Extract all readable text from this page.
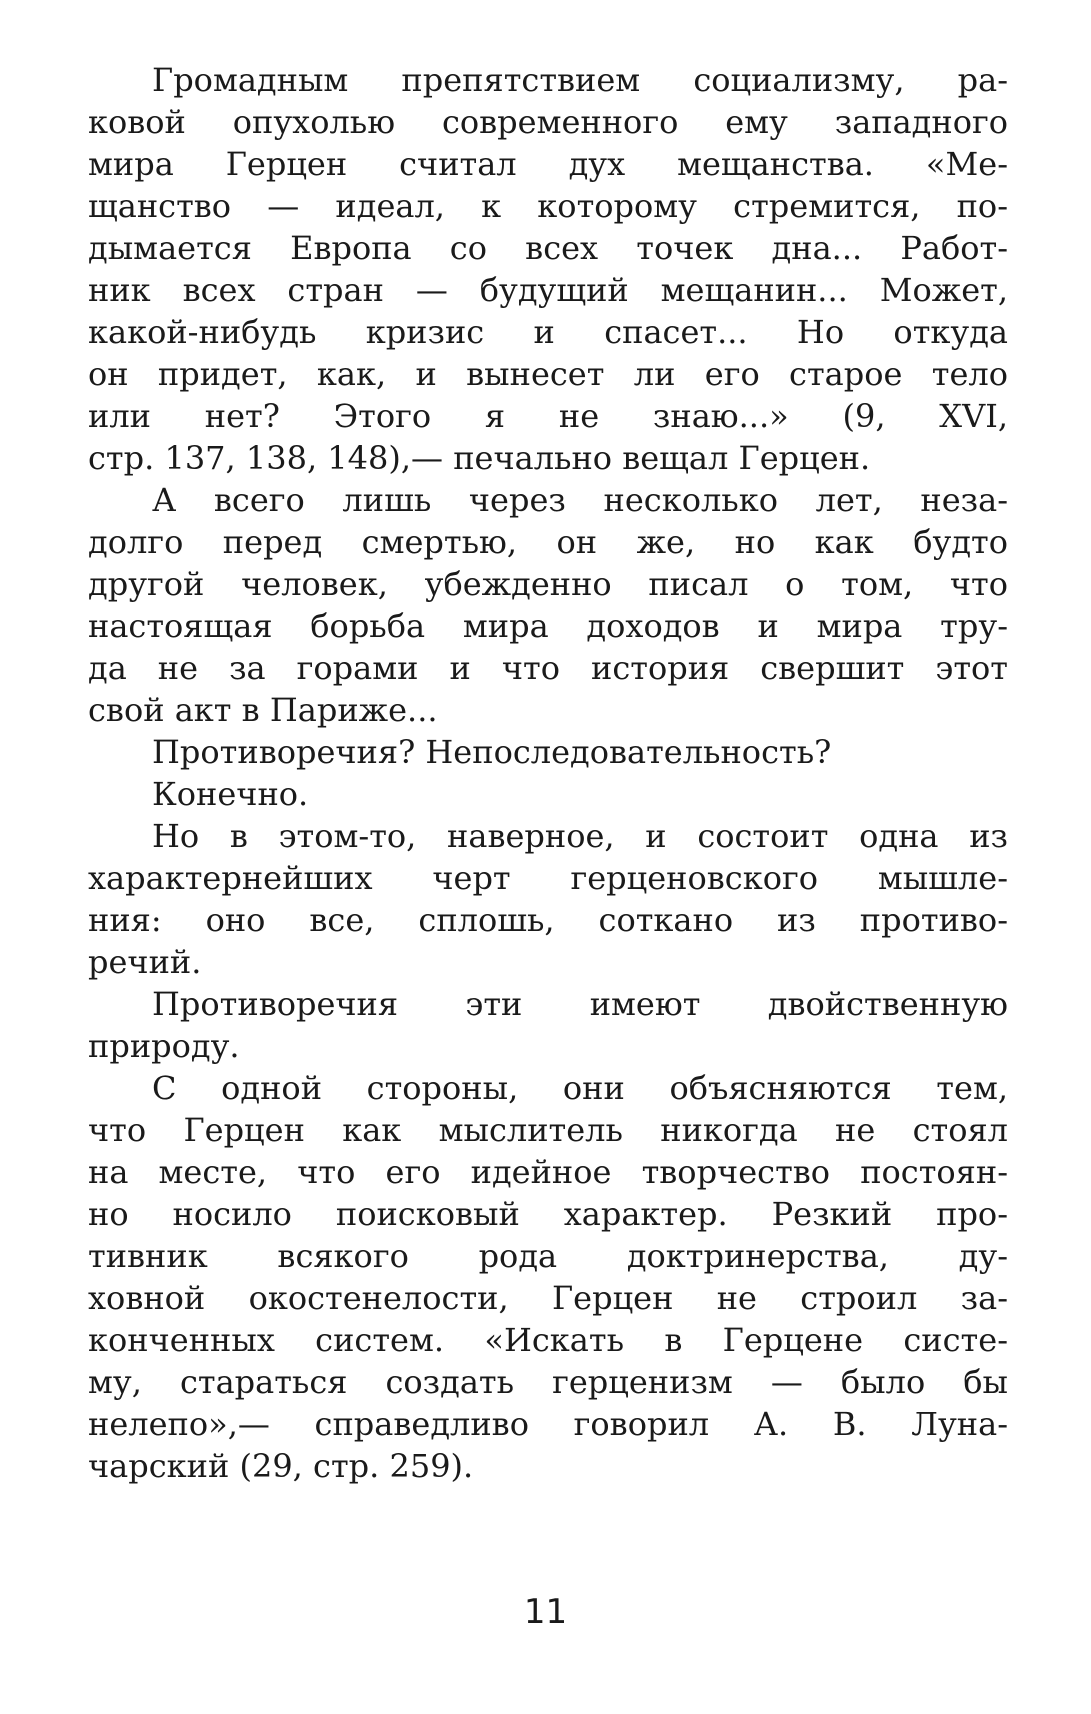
Громадным препятствием социализму, ра-
ковой опухолью современного ему западного
мира Герцен считал дух мещанства. «Ме-
щанство — идеал, к которому стремится, по-
дымается Европа со всех точек дна... Работ-
ник всех стран — будущий мещанин... Может,
какой-нибудь кризис и спасет... Но откуда
он придет, как, и вынесет ли его старое тело
или нет? Этого я не знаю...» (9, XVI,
стр. 137, 138, 148),— печально вещал Герцен.
А всего лишь через несколько лет, неза-
долго перед смертью, он же, но как будто
другой человек, убежденно писал о том, что
настоящая борьба мира доходов и мира тру-
да не за горами и что история свершит этот
свой акт в Париже...
Противоречия? Непоследовательность?
Конечно.
Но в этом-то, наверное, и состоит одна из
характернейших черт герценовского мышле-
ния: оно все, сплошь, соткано из противо-
речий.
Противоречия эти имеют двойственную
природу.
С одной стороны, они объясняются тем,
что Герцен как мыслитель никогда не стоял
на месте, что его идейное творчество постоян-
но носило поисковый характер. Резкий про-
тивник всякого рода доктринерства, ду-
ховной окостенелости, Герцен не строил за-
конченных систем. «Искать в Герцене систе-
му, стараться создать герценизм — было бы
нелепо»,— справедливо говорил А. В. Луна-
чарский (29, стр. 259).
11
